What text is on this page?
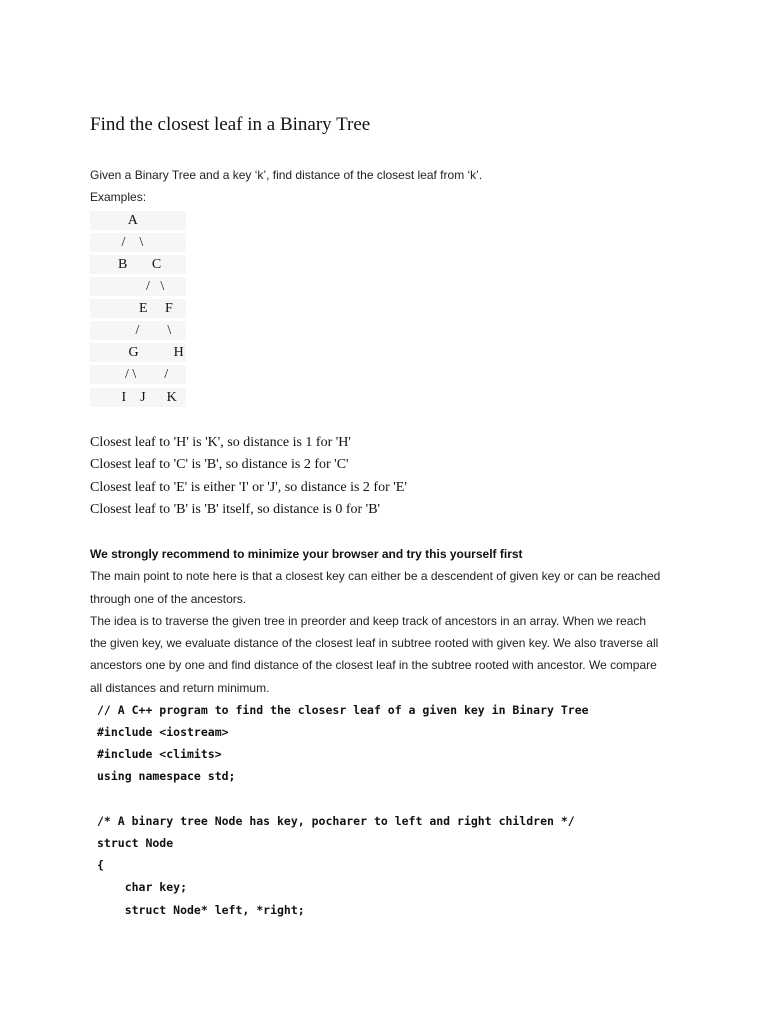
Find the closest leaf in a Binary Tree
Given a Binary Tree and a key ‘k’, find distance of the closest leaf from ‘k’.
Examples:
A
/    \
B       C
/   \
E     F
/        \
G          H
/ \        /
I    J      K
Closest leaf to 'H' is 'K', so distance is 1 for 'H'
Closest leaf to 'C' is 'B', so distance is 2 for 'C'
Closest leaf to 'E' is either 'I' or 'J', so distance is 2 for 'E'
Closest leaf to 'B' is 'B' itself, so distance is 0 for 'B'
We strongly recommend to minimize your browser and try this yourself first
The main point to note here is that a closest key can either be a descendent of given key or can be reached
through one of the ancestors.
The idea is to traverse the given tree in preorder and keep track of ancestors in an array. When we reach
the given key, we evaluate distance of the closest leaf in subtree rooted with given key. We also traverse all
ancestors one by one and find distance of the closest leaf in the subtree rooted with ancestor. We compare
all distances and return minimum.
// A C++ program to find the closesr leaf of a given key in Binary Tree
#include <iostream>
#include <climits>
using namespace std;
/* A binary tree Node has key, pocharer to left and right children */
struct Node
{
char key;
struct Node* left, *right;
